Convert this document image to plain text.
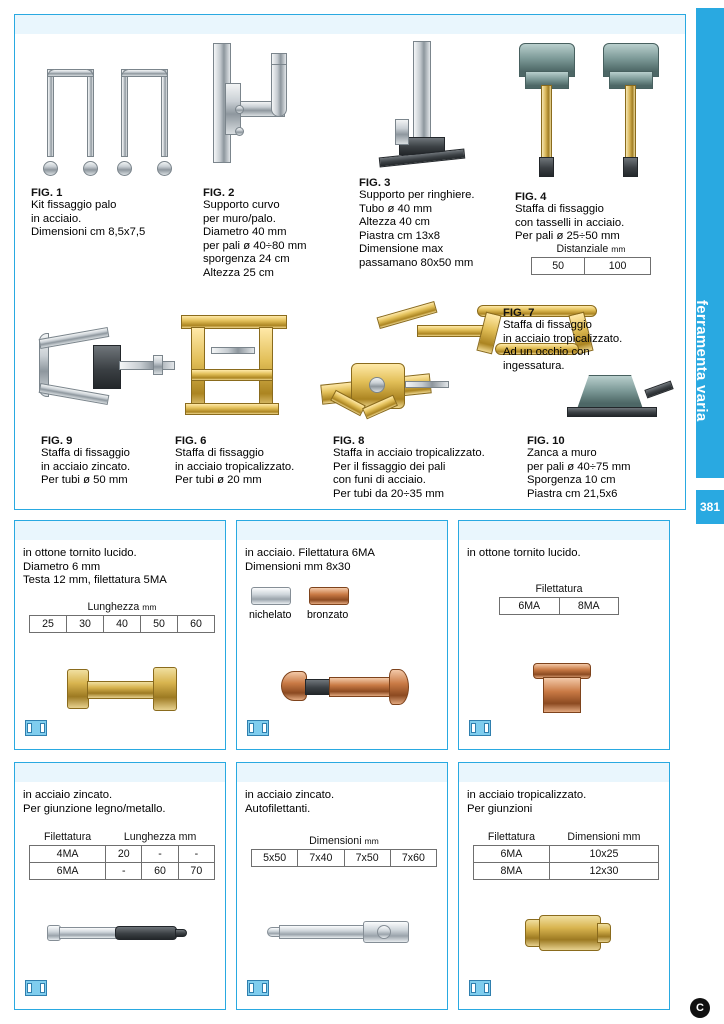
ferramenta varia
381
FIG. 1
Kit fissaggio palo
in acciaio.
Dimensioni cm 8,5x7,5
FIG. 2
Supporto curvo
per muro/palo.
Diametro 40 mm
per pali ø 40÷80 mm
sporgenza 24 cm
Altezza 25 cm
FIG. 3
Supporto per ringhiere.
Tubo ø 40 mm
Altezza 40 cm
Piastra cm 13x8
Dimensione max
passamano 80x50 mm
FIG. 4
Staffa di fissaggio
con tasselli in acciaio.
Per pali ø 25÷50 mm
Distanziale mm
50	100
FIG. 7
Staffa di fissaggio
in acciaio tropicalizzato.
Ad un occhio con
ingessatura.
FIG. 9
Staffa di fissaggio
in acciaio zincato.
Per tubi ø 50 mm
FIG. 6
Staffa di fissaggio
in acciaio tropicalizzato.
Per tubi ø 20 mm
FIG. 8
Staffa in acciaio tropicalizzato.
Per il fissaggio dei pali
con funi di acciaio.
Per tubi da 20÷35 mm
FIG. 10
Zanca a muro
per pali ø 40÷75 mm
Sporgenza 10 cm
Piastra cm 21,5x6
in ottone tornito lucido.
Diametro 6 mm
Testa 12 mm, filettatura 5MA
Lunghezza mm
25	30	40	50	60
in acciaio. Filettatura 6MA
Dimensioni mm 8x30
nichelato bronzato
in ottone tornito lucido.
Filettatura
6MA	8MA
in acciaio zincato.
Per giunzione legno/metallo.
Filettatura	Lunghezza mm		
4MA	20	-	-
6MA	-	60	70
in acciaio zincato.
Autofilettanti.
Dimensioni mm
5x50	7x40	7x50	7x60
in acciaio tropicalizzato.
Per giunzioni
Filettatura	Dimensioni mm
6MA	10x25
8MA	12x30
C
